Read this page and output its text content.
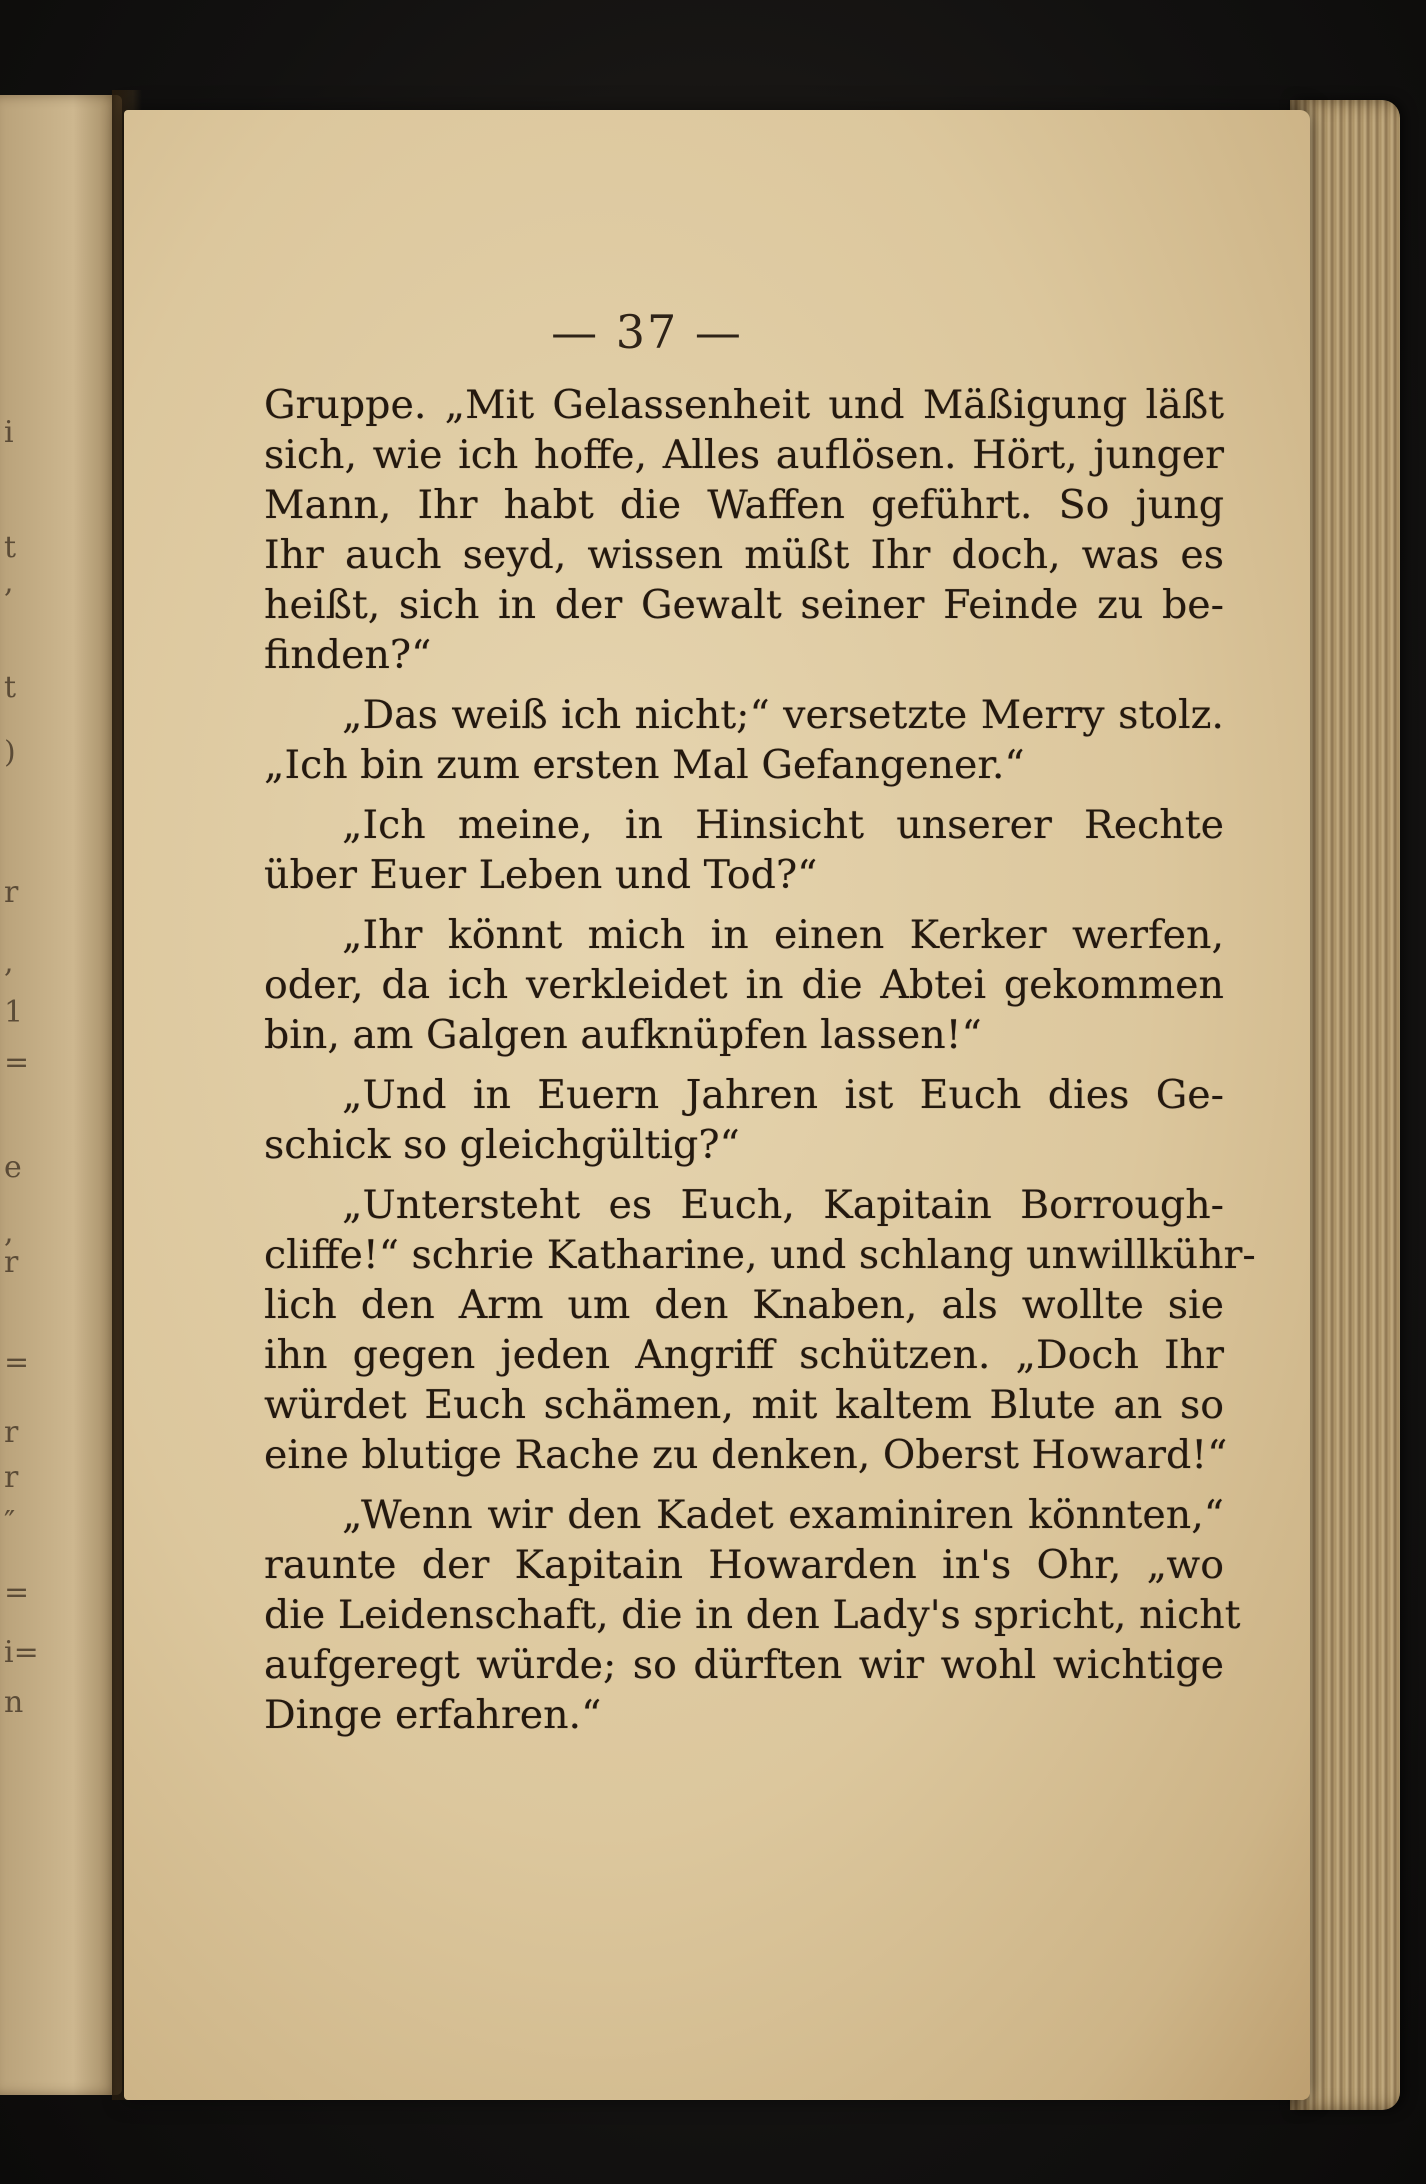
i
t
,
t
)
r
,
1
=
e
,
r
=
r
r
″
=
i=
n
— 37 —
Gruppe. „Mit Gelassenheit und Mäßigung läßt
sich, wie ich hoffe, Alles auflösen. Hört, junger
Mann, Ihr habt die Waffen geführt. So jung
Ihr auch seyd, wissen müßt Ihr doch, was es
heißt, sich in der Gewalt seiner Feinde zu be-
finden?“
„Das weiß ich nicht;“ versetzte Merry stolz.
„Ich bin zum ersten Mal Gefangener.“
„Ich meine, in Hinsicht unserer Rechte
über Euer Leben und Tod?“
„Ihr könnt mich in einen Kerker werfen,
oder, da ich verkleidet in die Abtei gekommen
bin, am Galgen aufknüpfen lassen!“
„Und in Euern Jahren ist Euch dies Ge-
schick so gleichgültig?“
„Untersteht es Euch, Kapitain Borrough-
cliffe!“ schrie Katharine, und schlang unwillkühr-
lich den Arm um den Knaben, als wollte sie
ihn gegen jeden Angriff schützen. „Doch Ihr
würdet Euch schämen, mit kaltem Blute an so
eine blutige Rache zu denken, Oberst Howard!“
„Wenn wir den Kadet examiniren könnten,“
raunte der Kapitain Howarden in's Ohr, „wo
die Leidenschaft, die in den Lady's spricht, nicht
aufgeregt würde; so dürften wir wohl wichtige
Dinge erfahren.“
